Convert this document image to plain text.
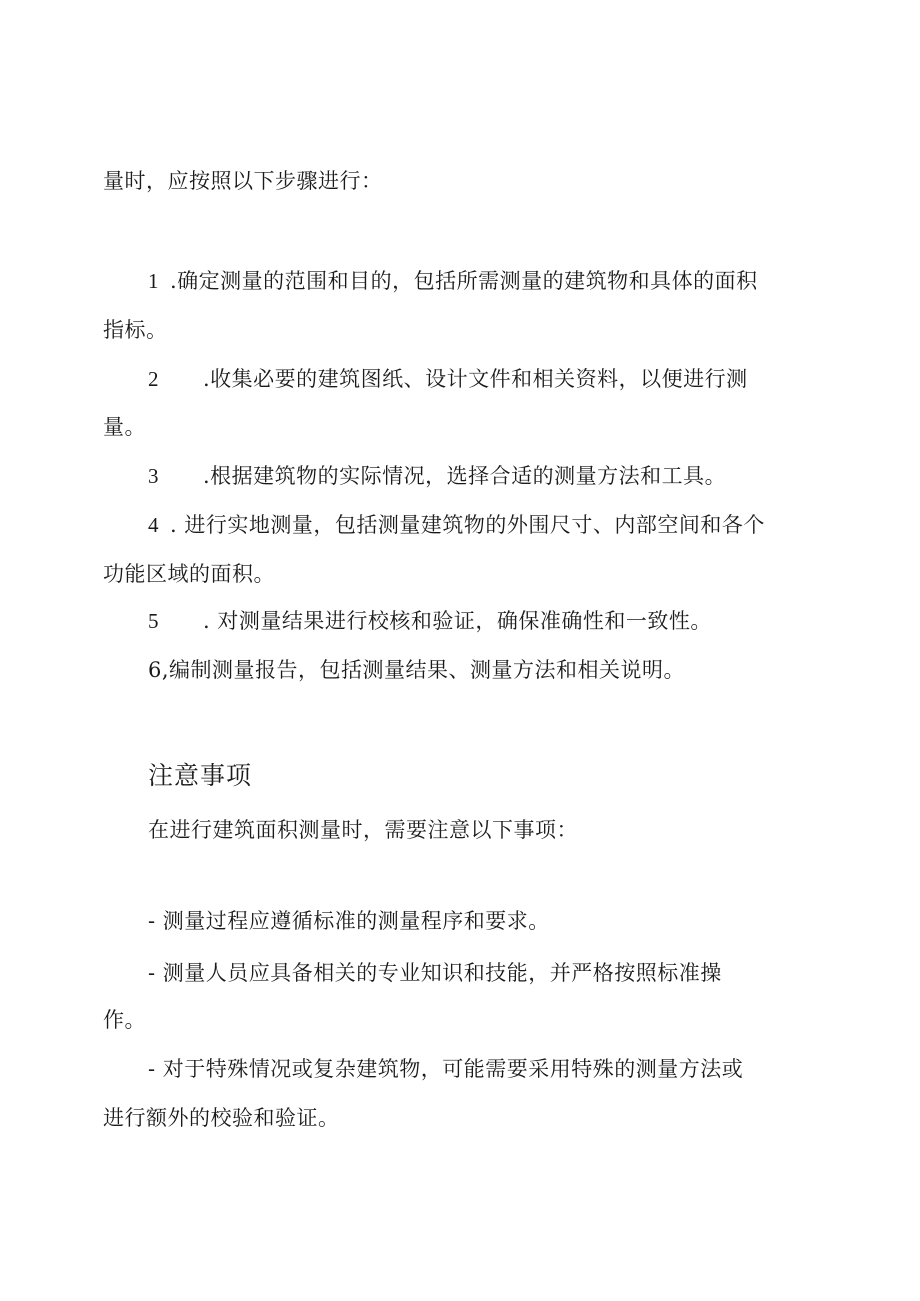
量时，应按照以下步骤进行：
1 .确定测量的范围和目的，包括所需测量的建筑物和具体的面积
指标。
2 .收集必要的建筑图纸、设计文件和相关资料，以便进行测
量。
3 .根据建筑物的实际情况，选择合适的测量方法和工具。
4 . 进行实地测量，包括测量建筑物的外围尺寸、内部空间和各个
功能区域的面积。
5 . 对测量结果进行校核和验证，确保准确性和一致性。
6,编制测量报告，包括测量结果、测量方法和相关说明。
注意事项
在进行建筑面积测量时，需要注意以下事项：
- 测量过程应遵循标准的测量程序和要求。
- 测量人员应具备相关的专业知识和技能，并严格按照标准操
作。
- 对于特殊情况或复杂建筑物，可能需要采用特殊的测量方法或
进行额外的校验和验证。
